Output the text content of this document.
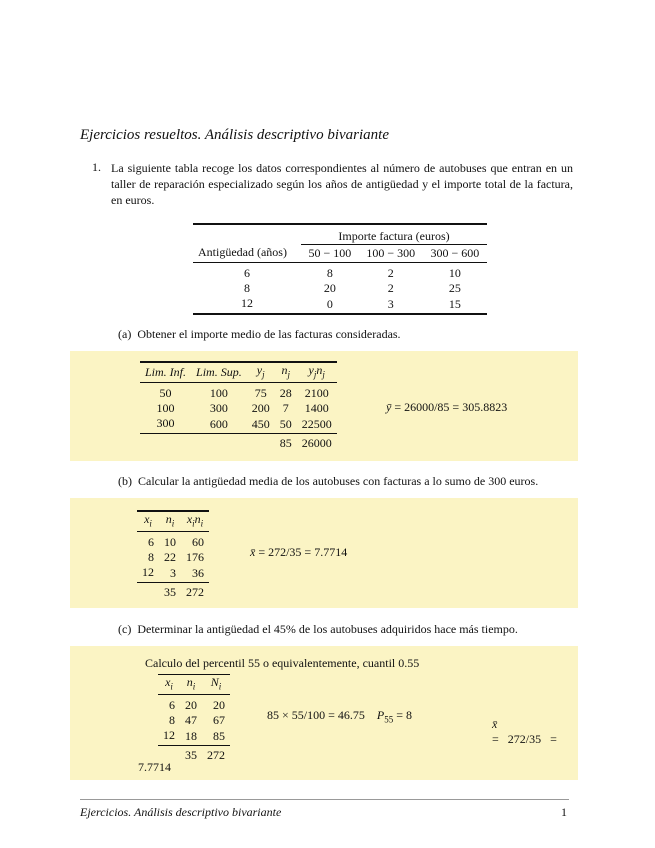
Ejercicios resueltos. Análisis descriptivo bivariante
1. La siguiente tabla recoge los datos correspondientes al número de autobuses que entran en un taller de reparación especializado según los años de antigüedad y el importe total de la factura, en euros.
	Importe factura (euros)		
Antigüedad (años)	50 − 100	100 − 300	300 − 600
6	8	2	10
8	20	2	25
12	0	3	15
(a) Obtener el importe medio de las facturas consideradas.
Lim. Inf.	Lim. Sup.	$y_j$	$n_j$	$y_jn_j$
50	100	75	28	2100
100	300	200	7	1400
300	600	450	50	22500
			85	26000
ȳ = 26000/85 = 305.8823
(b) Calcular la antigüedad media de los autobuses con facturas a lo sumo de 300 euros.
$x_i$	$n_i$	$x_in_i$
6	10	60
8	22	176
12	3	36
	35	272
x̄ = 272/35 = 7.7714
(c) Determinar la antigüedad el 45% de los autobuses adquiridos hace más tiempo.
Calculo del percentil 55 o equivalentemente, cuantil 0.55
$x_i$	$n_i$	$N_i$
6	20	20
8	47	67
12	18	85
	35	272
85 × 55/100 = 46.75 $P_{55} = 8$

x̄
=   272/35   =

7.7714
Ejercicios. Análisis descriptivo bivariante	1
